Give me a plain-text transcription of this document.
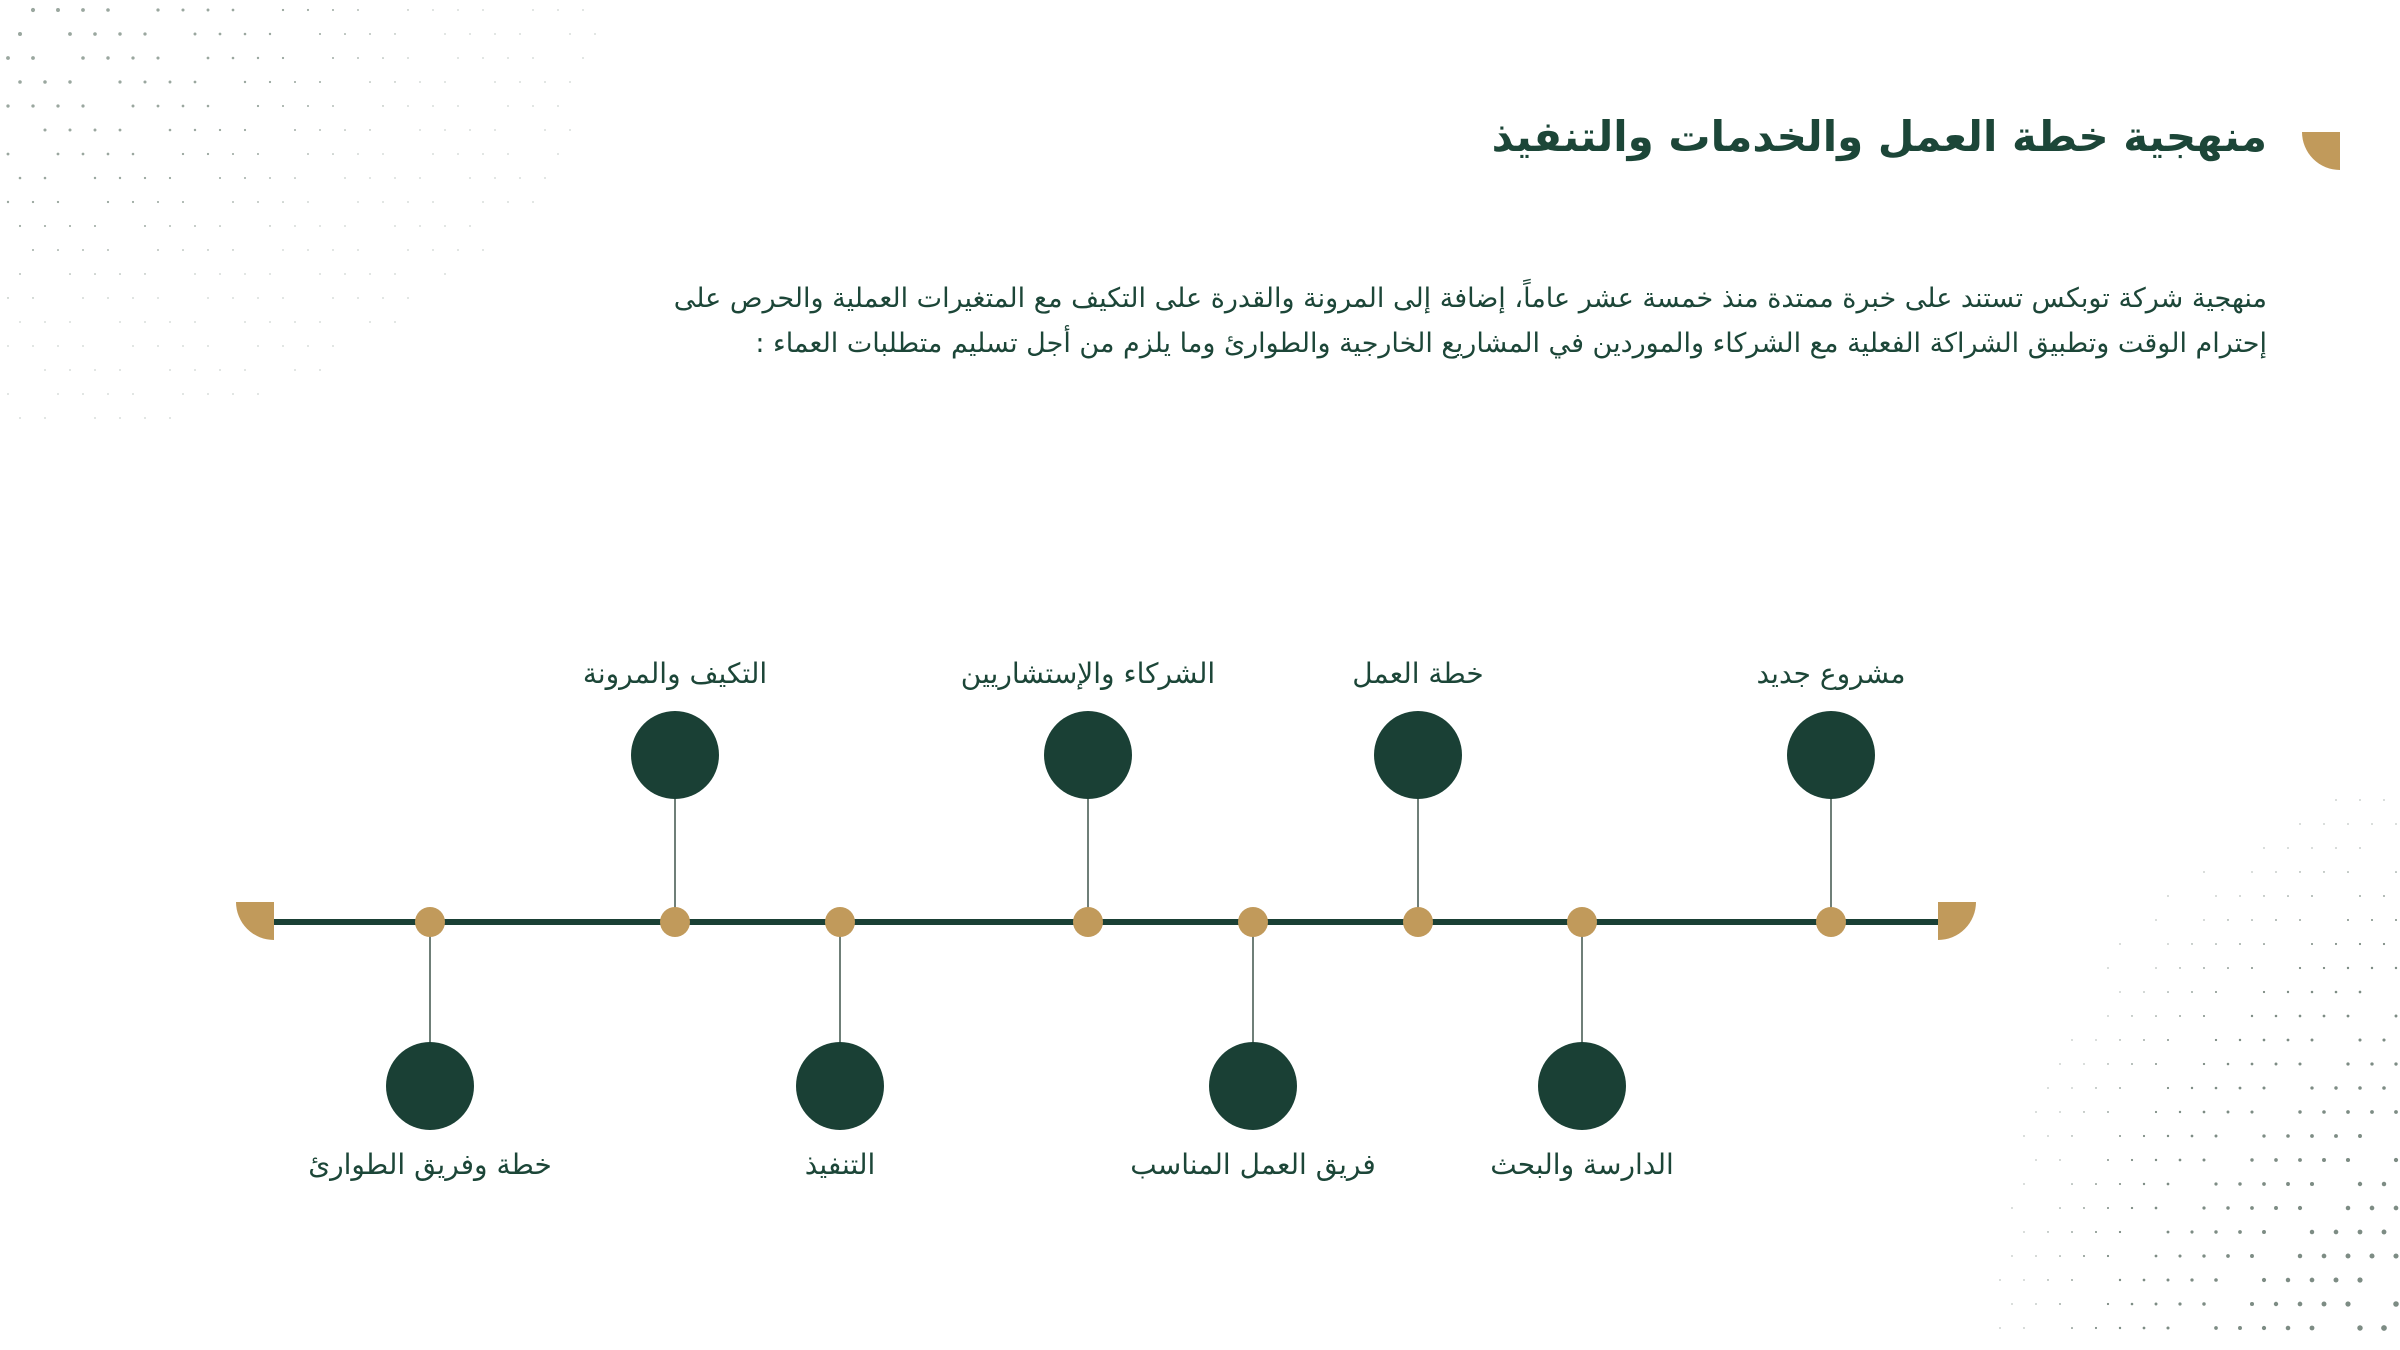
منهجية خطة العمل والخدمات والتنفيذ

منهجية شركة توبكس تستند على خبرة ممتدة منذ خمسة عشر عاماً، إضافة إلى المرونة والقدرة على التكيف مع المتغيرات العملية والحرص على إحترام الوقت وتطبيق الشراكة الفعلية مع الشركاء والموردين في المشاريع الخارجية والطوارئ وما يلزم من أجل تسليم متطلبات العماء :

مشروع جديد
الدارسة والبحث
خطة العمل
فريق العمل المناسب
الشركاء والإستشاريين
التنفيذ
التكيف والمرونة
خطة وفريق الطوارئ
